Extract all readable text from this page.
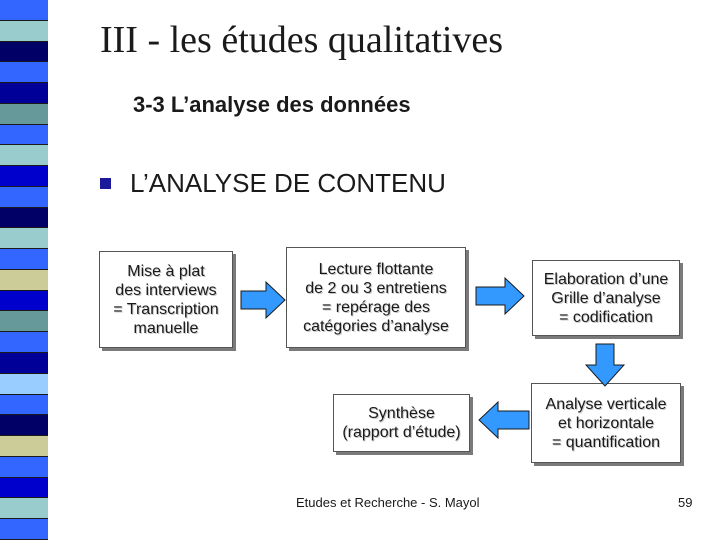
III - les études qualitatives
3-3 L’analyse des données
L’ANALYSE DE CONTENU
Mise à plat
des interviews
= Transcription
manuelle
Lecture flottante
de 2 ou 3 entretiens
= repérage des
catégories d’analyse
Elaboration d’une
Grille d’analyse
= codification
Synthèse
(rapport d’étude)
Analyse verticale
et horizontale
= quantification
Etudes et Recherche - S. Mayol	59
